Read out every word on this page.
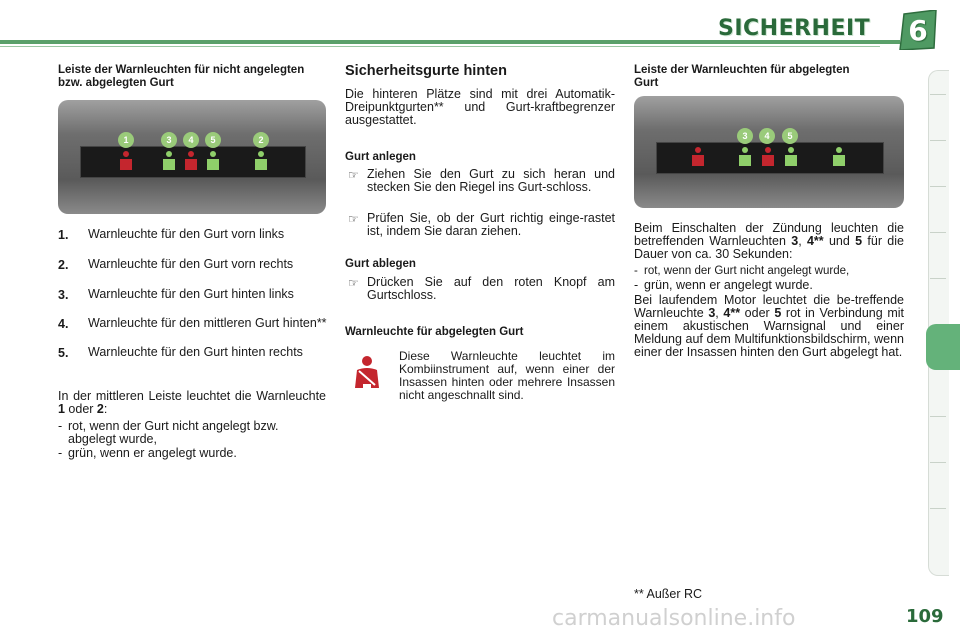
SICHERHEIT	6
Leiste der Warnleuchten für nicht angelegten bzw. abgelegten Gurt
1	3	4	5	2
1. Warnleuchte für den Gurt vorn links
2. Warnleuchte für den Gurt vorn rechts
3. Warnleuchte für den Gurt hinten links
4. Warnleuchte für den mittleren Gurt hinten**
5. Warnleuchte für den Gurt hinten rechts
In der mittleren Leiste leuchtet die Warnleuchte 1 oder 2:
- rot, wenn der Gurt nicht angelegt bzw. abgelegt wurde,
- grün, wenn er angelegt wurde.
Sicherheitsgurte hinten
Die hinteren Plätze sind mit drei Automatik-Dreipunktgurten** und Gurt-kraftbegrenzer ausgestattet.
Gurt anlegen
☞ Ziehen Sie den Gurt zu sich heran und stecken Sie den Riegel ins Gurt-schloss.
☞ Prüfen Sie, ob der Gurt richtig einge-rastet ist, indem Sie daran ziehen.
Gurt ablegen
☞ Drücken Sie auf den roten Knopf am Gurtschloss.
Warnleuchte für abgelegten Gurt
Diese Warnleuchte leuchtet im Kombiinstrument auf, wenn einer der Insassen hinten oder mehrere Insassen nicht angeschnallt sind.
Leiste der Warnleuchten für abgelegten Gurt
3	4	5
Beim Einschalten der Zündung leuchten die betreffenden Warnleuchten 3, 4** und 5 für die Dauer von ca. 30 Sekunden:
- rot, wenn der Gurt nicht angelegt wurde,
- grün, wenn er angelegt wurde.
Bei laufendem Motor leuchtet die be-treffende Warnleuchte 3, 4** oder 5 rot in Verbindung mit einem akustischen Warnsignal und einer Meldung auf dem Multifunktionsbildschirm, wenn einer der Insassen hinten den Gurt abgelegt hat.
** Außer RC
carmanualsonline.info	109
